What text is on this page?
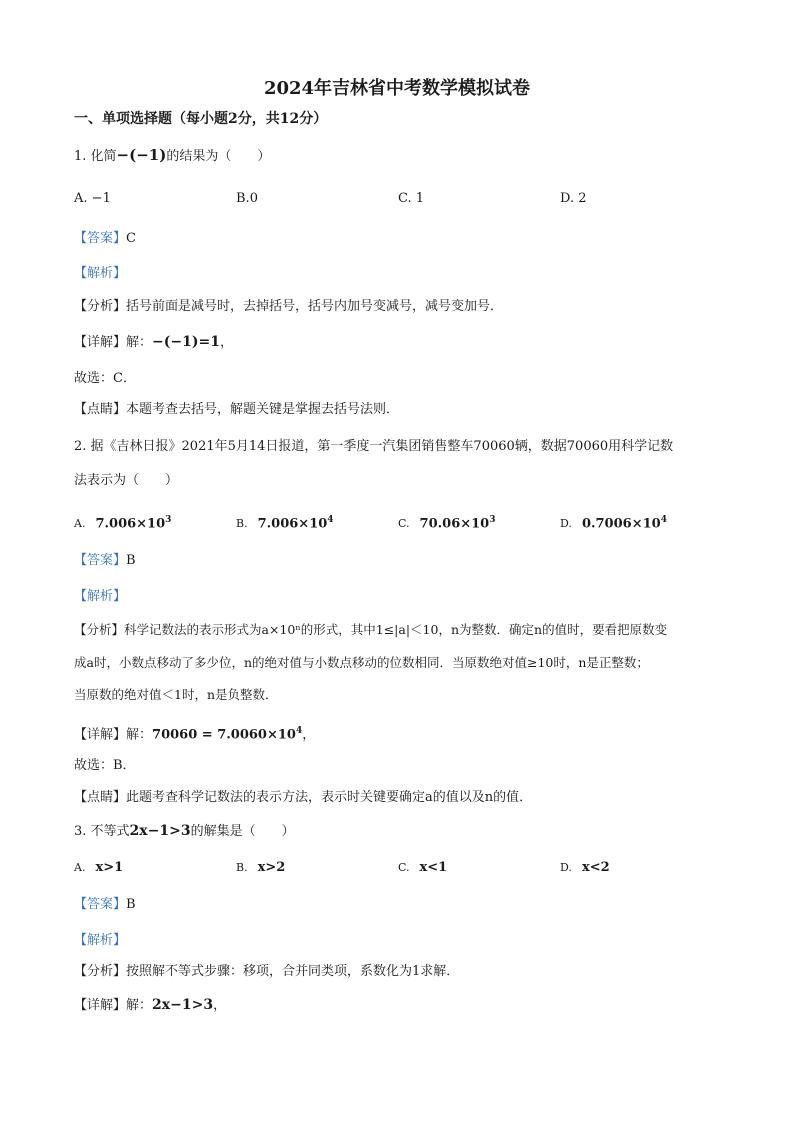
2024年吉林省中考数学模拟试卷
一、单项选择题（每小题2分，共12分）
1. 化简−(−1)的结果为（　　）
A. −1	B.0	C. 1	D. 2
【答案】C
【解析】
【分析】括号前面是减号时，去掉括号，括号内加号变减号，减号变加号．
【详解】解：−(−1)=1，
故选：C．
【点睛】本题考查去括号，解题关键是掌握去括号法则．
2. 据《吉林日报》2021年5月14日报道，第一季度一汽集团销售整车70060辆，数据70060用科学记数
法表示为（　　）
A. $7.006\times 10^3$	B. $7.006\times 10^4$	C. $70.06\times 10^3$	D. $0.7006\times 10^4$
【答案】B
【解析】
【分析】科学记数法的表示形式为a×10ⁿ的形式，其中1≤|a|＜10，n为整数．确定n的值时，要看把原数变
成a时，小数点移动了多少位，n的绝对值与小数点移动的位数相同．当原数绝对值≥10时，n是正整数；
当原数的绝对值＜1时，n是负整数．
【详解】解：$70060 = 7.0060\times 10^4$，
故选：B．
【点睛】此题考查科学记数法的表示方法，表示时关键要确定a的值以及n的值．
3. 不等式2x−1>3的解集是（　　）
A. x>1	B. x>2	C. x<1	D. x<2
【答案】B
【解析】
【分析】按照解不等式步骤：移项，合并同类项，系数化为1求解．
【详解】解：2x−1>3，
